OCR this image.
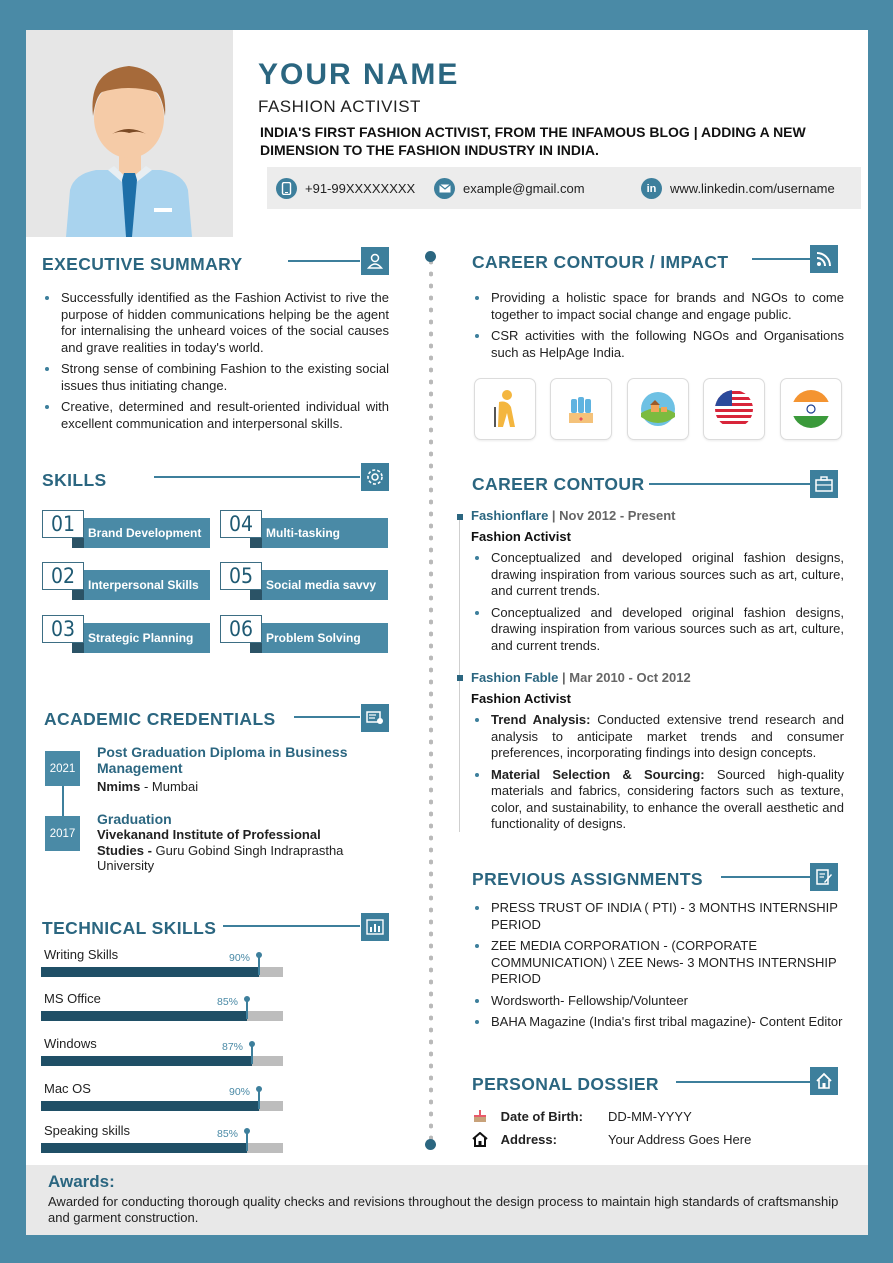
YOUR NAME
FASHION ACTIVIST
INDIA'S FIRST FASHION ACTIVIST, FROM THE INFAMOUS BLOG | ADDING A NEW DIMENSION TO THE FASHION INDUSTRY IN INDIA.
+91-99XXXXXXXX	example@gmail.com	in www.linkedin.com/username
EXECUTIVE SUMMARY
Successfully identified as the Fashion Activist to rive the purpose of hidden communications helping be the agent for internalising the unheard voices of the social causes and grave realities in today's world.
Strong sense of combining Fashion to the existing social issues thus initiating change.
Creative, determined and result-oriented individual with excellent communication and interpersonal skills.
SKILLS
01	Brand Development
02	Interpersonal Skills
03	Strategic Planning
04	Multi-tasking
05	Social media savvy
06	Problem Solving
ACADEMIC CREDENTIALS
2021
Post Graduation Diploma in Business Management
Nmims - Mumbai
2017
Graduation
Vivekanand Institute of Professional Studies - Guru Gobind Singh Indraprastha University
TECHNICAL SKILLS
Writing Skills	90%
MS Office	85%
Windows	87%
Mac OS	90%
Speaking skills	85%
CAREER CONTOUR / IMPACT
Providing a holistic space for brands and NGOs to come together to impact social change and engage public.
CSR activities with the following NGOs and Organisations such as HelpAge India.
CAREER CONTOUR
Fashionflare | Nov 2012 - Present
Fashion Activist
Conceptualized and developed original fashion designs, drawing inspiration from various sources such as art, culture, and current trends.
Conceptualized and developed original fashion designs, drawing inspiration from various sources such as art, culture, and current trends.
Fashion Fable | Mar 2010 - Oct 2012
Fashion Activist
Trend Analysis: Conducted extensive trend research and analysis to anticipate market trends and consumer preferences, incorporating findings into design concepts.
Material Selection & Sourcing: Sourced high-quality materials and fabrics, considering factors such as texture, color, and sustainability, to enhance the overall aesthetic and functionality of designs.
PREVIOUS ASSIGNMENTS
PRESS TRUST OF INDIA ( PTI) - 3 MONTHS INTERNSHIP PERIOD
ZEE MEDIA CORPORATION - (CORPORATE COMMUNICATION) \ ZEE News- 3 MONTHS INTERNSHIP PERIOD
Wordsworth- Fellowship/Volunteer
BAHA Magazine (India's first tribal magazine)- Content Editor
PERSONAL DOSSIER
Date of Birth: DD-MM-YYYY
Address:	Your Address Goes Here
Awards:
Awarded for conducting thorough quality checks and revisions throughout the design process to maintain high standards of craftsmanship and garment construction.
